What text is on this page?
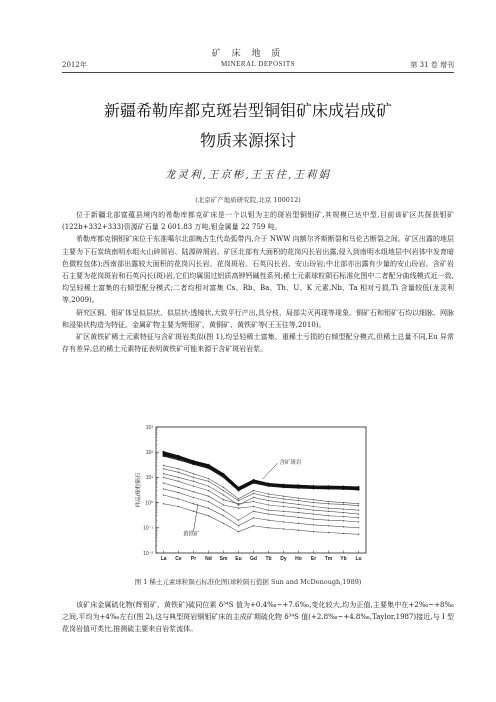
矿 床 地 质
2012年	MINERAL DEPOSITS	第 31 卷 增刊
新疆希勒库都克斑岩型铜钼矿床成岩成矿
物质来源探讨
龙灵利,王京彬,王玉往,王莉娟
(北京矿产地质研究院,北京 100012)

位于新疆北部富蕴县境内的希勒库都克矿床是一个以钼为主的斑岩型铜钼矿,其规模已达中型,目前该矿区共探获钼矿(122b+332+333)资源矿石量 2 601.83 万吨,钼金属量 22 759 吨。

希勒库都克铜钼矿床位于东准噶尔北部晚古生代岛弧带内,介于 NWW 向额尔齐斯断裂和乌伦古断裂之间。矿区出露的地层主要为下石炭统南明水组火山碎屑岩、陆源碎屑岩。矿区北部有大面积的花岗闪长岩出露,侵入到南明水组地层中(岩体中发育暗色微粒包体);西南部出露较大面积的花岗闪长岩、花岗斑岩、石英闪长岩、安山玢岩;中北部亦出露有少量的安山玢岩。含矿岩石主要为花岗斑岩和石英闪长(斑)岩,它们均属弱过铝质高钾钙碱性系列;稀土元素球粒陨石标准化图中二者配分曲线模式近一致,均呈轻稀土富集的右倾型配分模式;二者均相对富集 Cs、Rb、Ba、Th、U、K 元素,Nb、Ta 相对亏损,Ti 含量较低(龙灵利等,2009)。

研究区铜、钼矿体呈似层状、似层状-透镜状,大致平行产出,具分枝、局部尖灭再现等现象。铜矿石和钼矿石均以细脉、网脉和浸染状构造为特征。金属矿物主要为辉钼矿、黄铜矿、黄铁矿等(王玉往等,2010)。

矿区黄铁矿稀土元素特征与含矿斑岩类似(图 1),均呈轻稀土富集、重稀土亏损的右倾型配分模式,但稀土总量不同,Eu 异常存有差异,总的稀土元素特征表明黄铁矿可能来源于含矿斑岩岩浆。

10⁻²
10⁻¹
10⁰
10¹
10²
10³
样品/球粒陨石
La Ce Pr Nd Sm Eu Gd Tb Dy Ho Er Tm Yb Lu
含矿斑岩
黄铁矿
图 1 稀土元素球粒陨石标准化图(球粒陨石值据 Sun and McDonough,1989)

该矿床金属硫化物(辉钼矿、黄铁矿)硫同位素 δ³⁴S 值为+0.4‰~+7.6‰,变化较大,均为正值,主要集中在+2‰~+8‰之间,平均为+4‰左右(图 2),这与典型斑岩铜钼矿床的主成矿期硫化物 δ³⁴S 值(+2.8‰~+4.8‰,Taylor,1987)接近,与 I 型花岗岩值可类比,推测硫主要来自岩浆流体。
